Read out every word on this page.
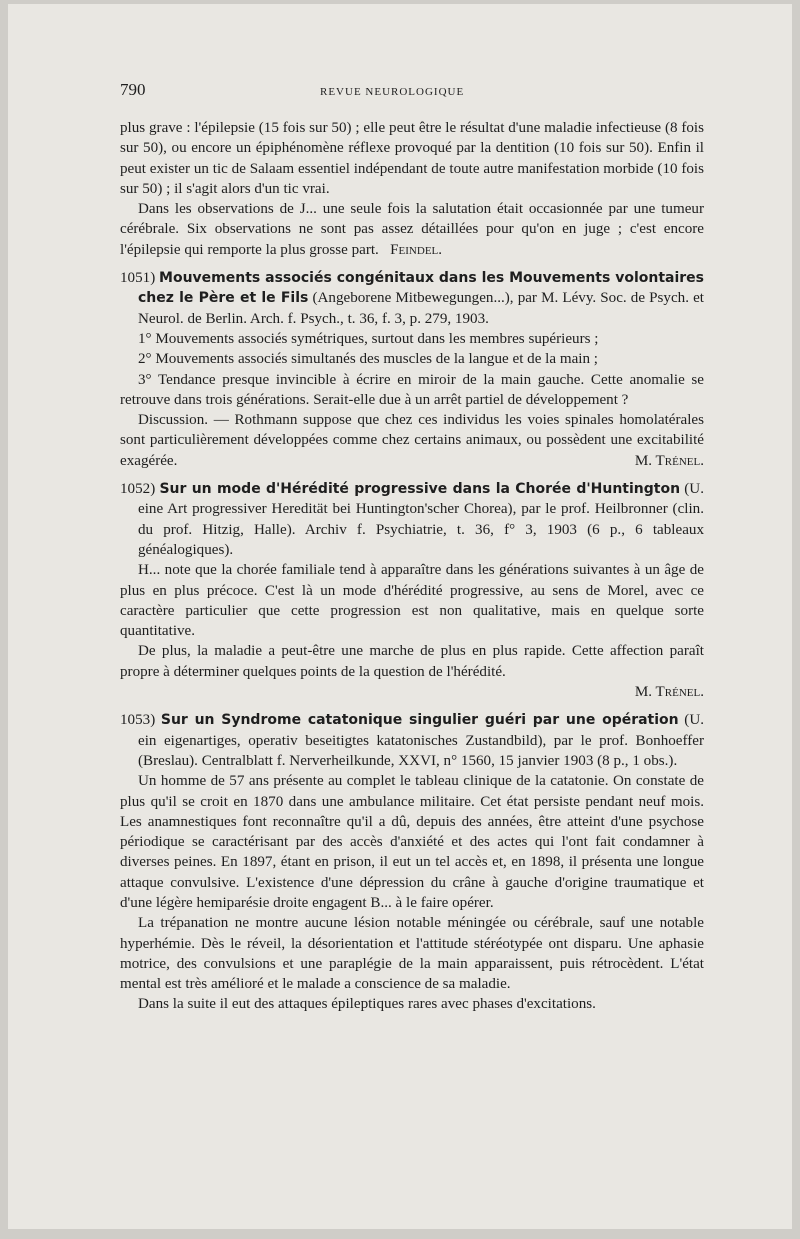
790	REVUE NEUROLOGIQUE

plus grave : l'épilepsie (15 fois sur 50) ; elle peut être le résultat d'une maladie infectieuse (8 fois sur 50), ou encore un épiphénomène réflexe provoqué par la dentition (10 fois sur 50). Enfin il peut exister un tic de Salaam essentiel indépendant de toute autre manifestation morbide (10 fois sur 50) ; il s'agit alors d'un tic vrai.

Dans les observations de J... une seule fois la salutation était occasionnée par une tumeur cérébrale. Six observations ne sont pas assez détaillées pour qu'on en juge ; c'est encore l'épilepsie qui remporte la plus grosse part. Feindel.

1051) Mouvements associés congénitaux dans les Mouvements volontaires chez le Père et le Fils (Angeborene Mitbewegungen...), par M. Lévy. Soc. de Psych. et Neurol. de Berlin. Arch. f. Psych., t. 36, f. 3, p. 279, 1903.

1° Mouvements associés symétriques, surtout dans les membres supérieurs ;

2° Mouvements associés simultanés des muscles de la langue et de la main ;

3° Tendance presque invincible à écrire en miroir de la main gauche. Cette anomalie se retrouve dans trois générations. Serait-elle due à un arrêt partiel de développement ?

Discussion. — Rothmann suppose que chez ces individus les voies spinales homolatérales sont particulièrement développées comme chez certains animaux, ou possèdent une excitabilité exagérée.	M. Trénel.

1052) Sur un mode d'Hérédité progressive dans la Chorée d'Huntington (U. eine Art progressiver Heredität bei Huntington'scher Chorea), par le prof. Heilbronner (clin. du prof. Hitzig, Halle). Archiv f. Psychiatrie, t. 36, f° 3, 1903 (6 p., 6 tableaux généalogiques).

H... note que la chorée familiale tend à apparaître dans les générations suivantes à un âge de plus en plus précoce. C'est là un mode d'hérédité progressive, au sens de Morel, avec ce caractère particulier que cette progression est non qualitative, mais en quelque sorte quantitative.

De plus, la maladie a peut-être une marche de plus en plus rapide. Cette affection paraît propre à déterminer quelques points de la question de l'hérédité.

M. Trénel.

1053) Sur un Syndrome catatonique singulier guéri par une opération (U. ein eigenartiges, operativ beseitigtes katatonisches Zustandbild), par le prof. Bonhoeffer (Breslau). Centralblatt f. Nerverheilkunde, XXVI, n° 1560, 15 janvier 1903 (8 p., 1 obs.).

Un homme de 57 ans présente au complet le tableau clinique de la catatonie. On constate de plus qu'il se croit en 1870 dans une ambulance militaire. Cet état persiste pendant neuf mois. Les anamnestiques font reconnaître qu'il a dû, depuis des années, être atteint d'une psychose périodique se caractérisant par des accès d'anxiété et des actes qui l'ont fait condamner à diverses peines. En 1897, étant en prison, il eut un tel accès et, en 1898, il présenta une longue attaque convulsive. L'existence d'une dépression du crâne à gauche d'origine traumatique et d'une légère hemiparésie droite engagent B... à le faire opérer.

La trépanation ne montre aucune lésion notable méningée ou cérébrale, sauf une notable hyperhémie. Dès le réveil, la désorientation et l'attitude stéréotypée ont disparu. Une aphasie motrice, des convulsions et une paraplégie de la main apparaissent, puis rétrocèdent. L'état mental est très amélioré et le malade a conscience de sa maladie.

Dans la suite il eut des attaques épileptiques rares avec phases d'excitations.
